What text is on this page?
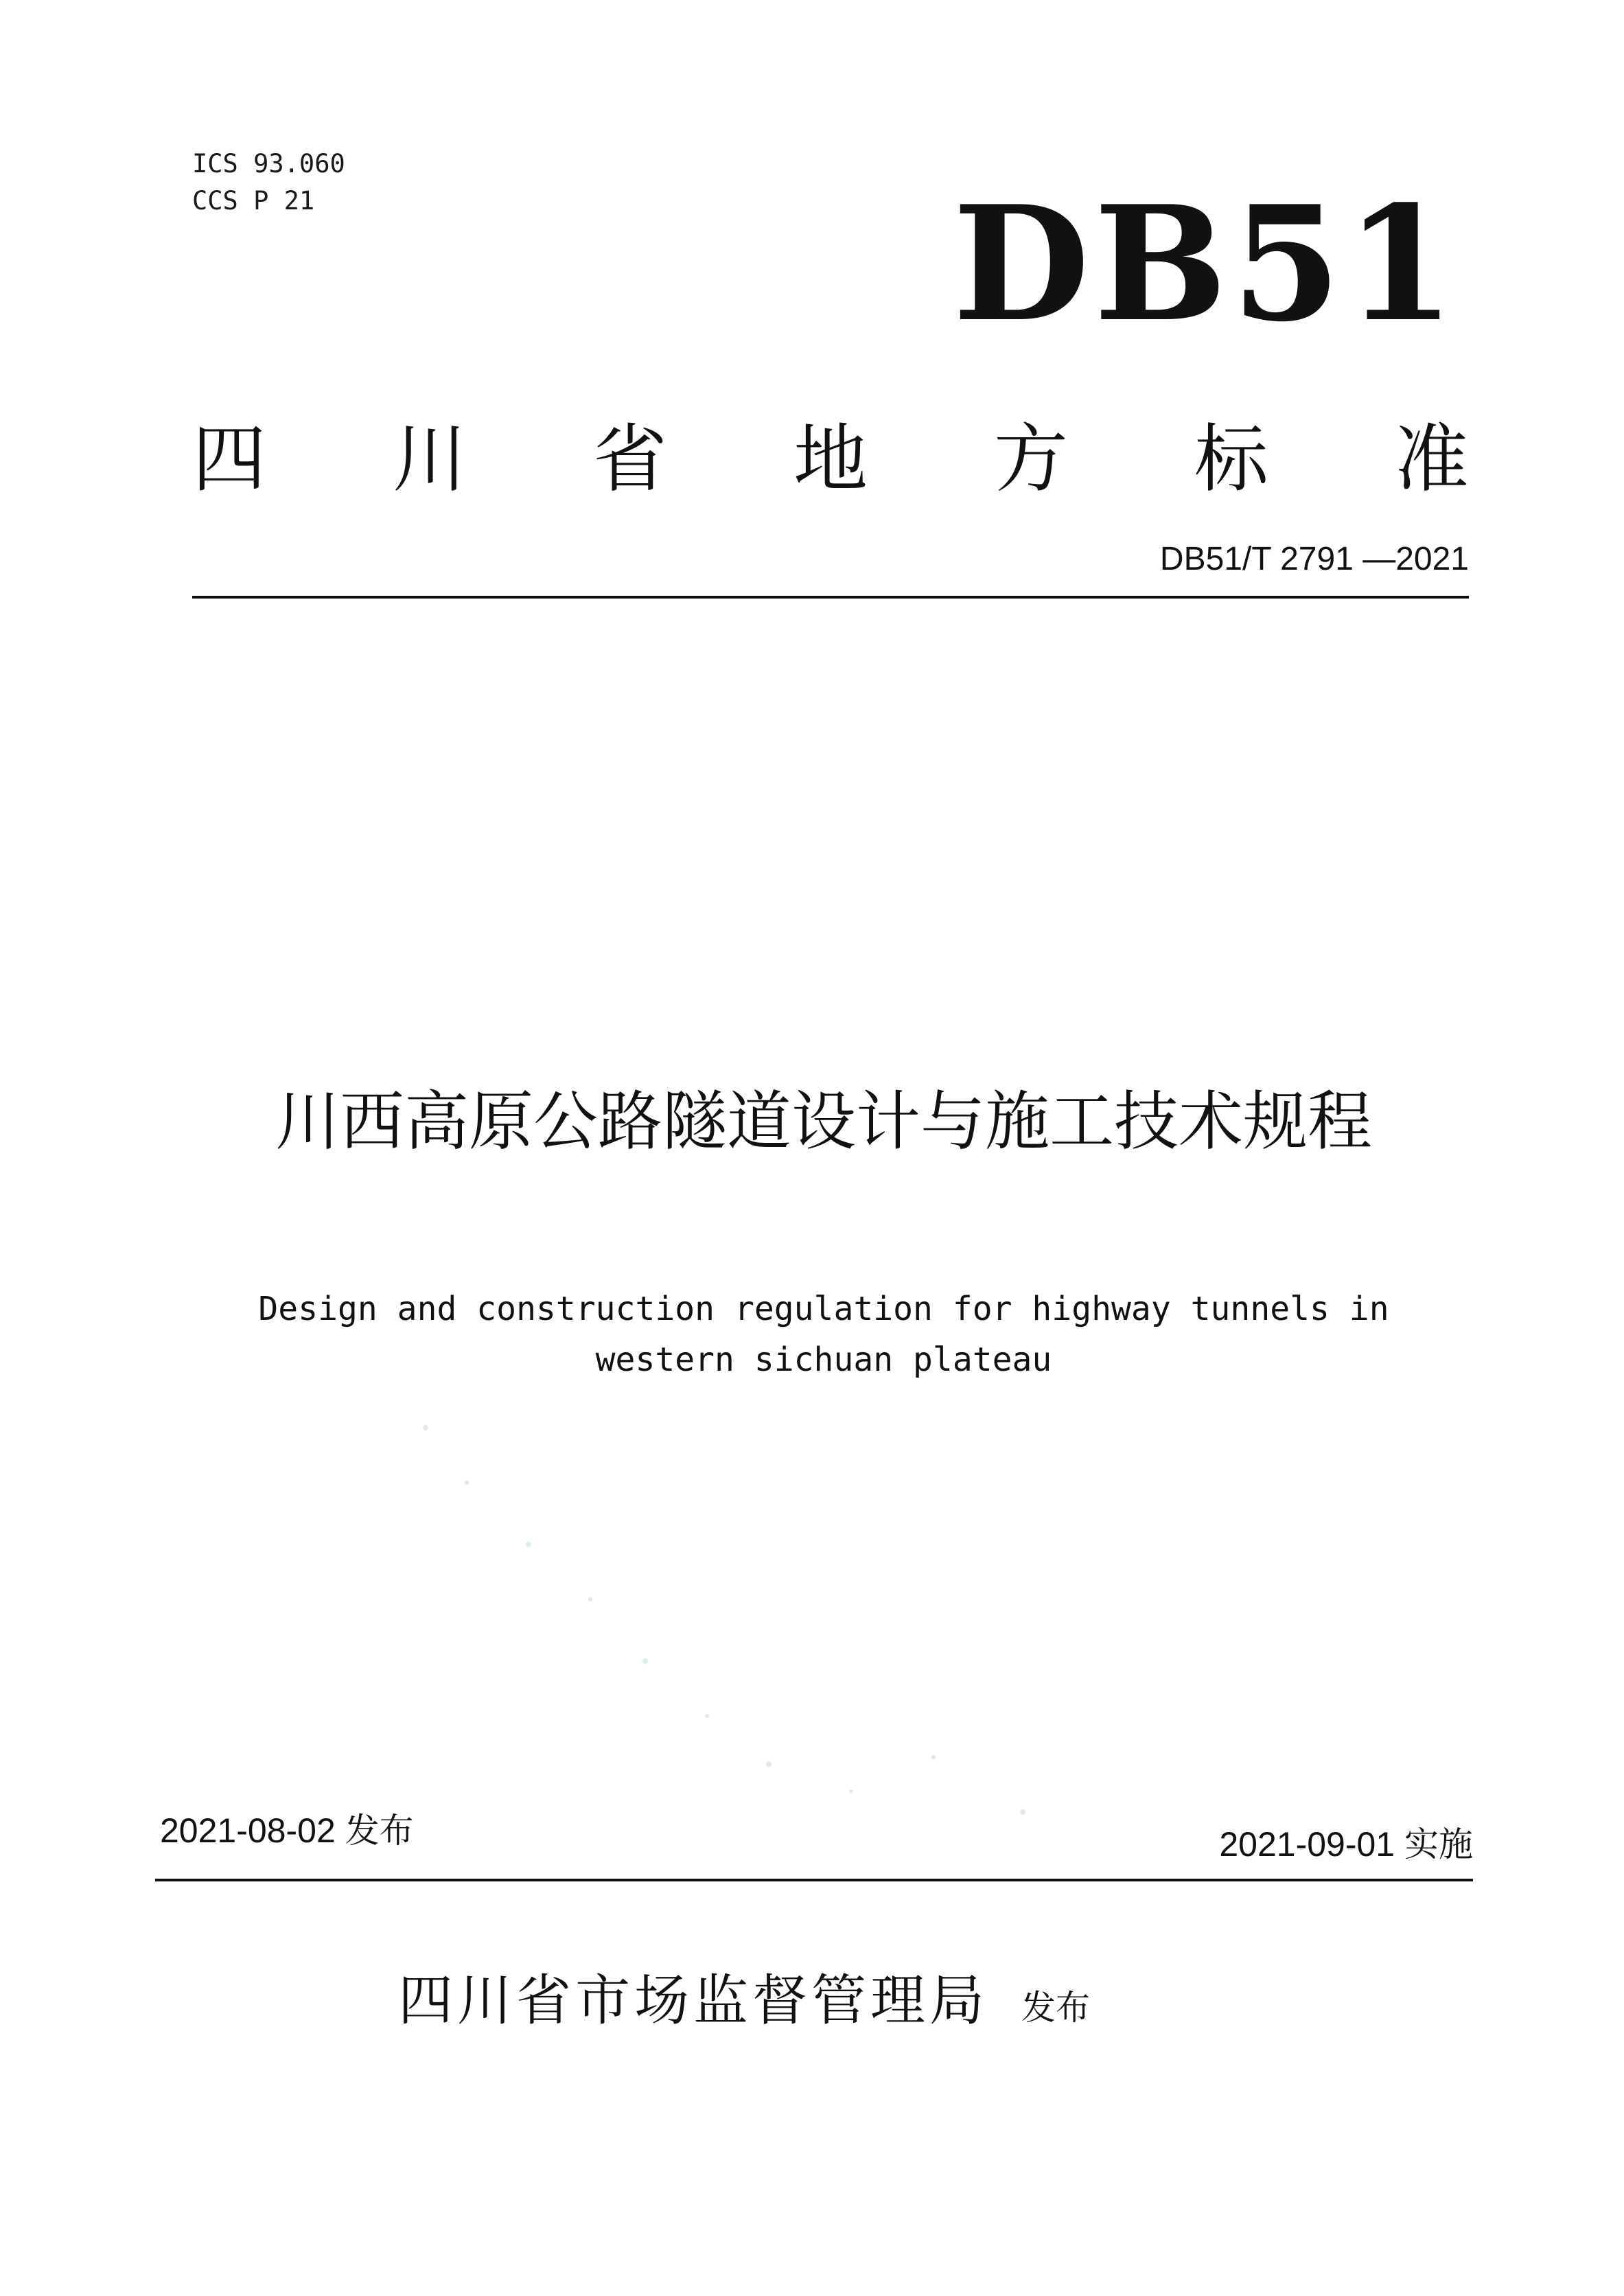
ICS 93.060
CCS P 21	DB51
四 川 省 地 方 标 准
DB51/T 2791 —2021
川西高原公路隧道设计与施工技术规程
Design and construction regulation for highway tunnels in
western sichuan plateau
2021-08-02 发布	2021-09-01 实施
四川省市场监督管理局 发布
